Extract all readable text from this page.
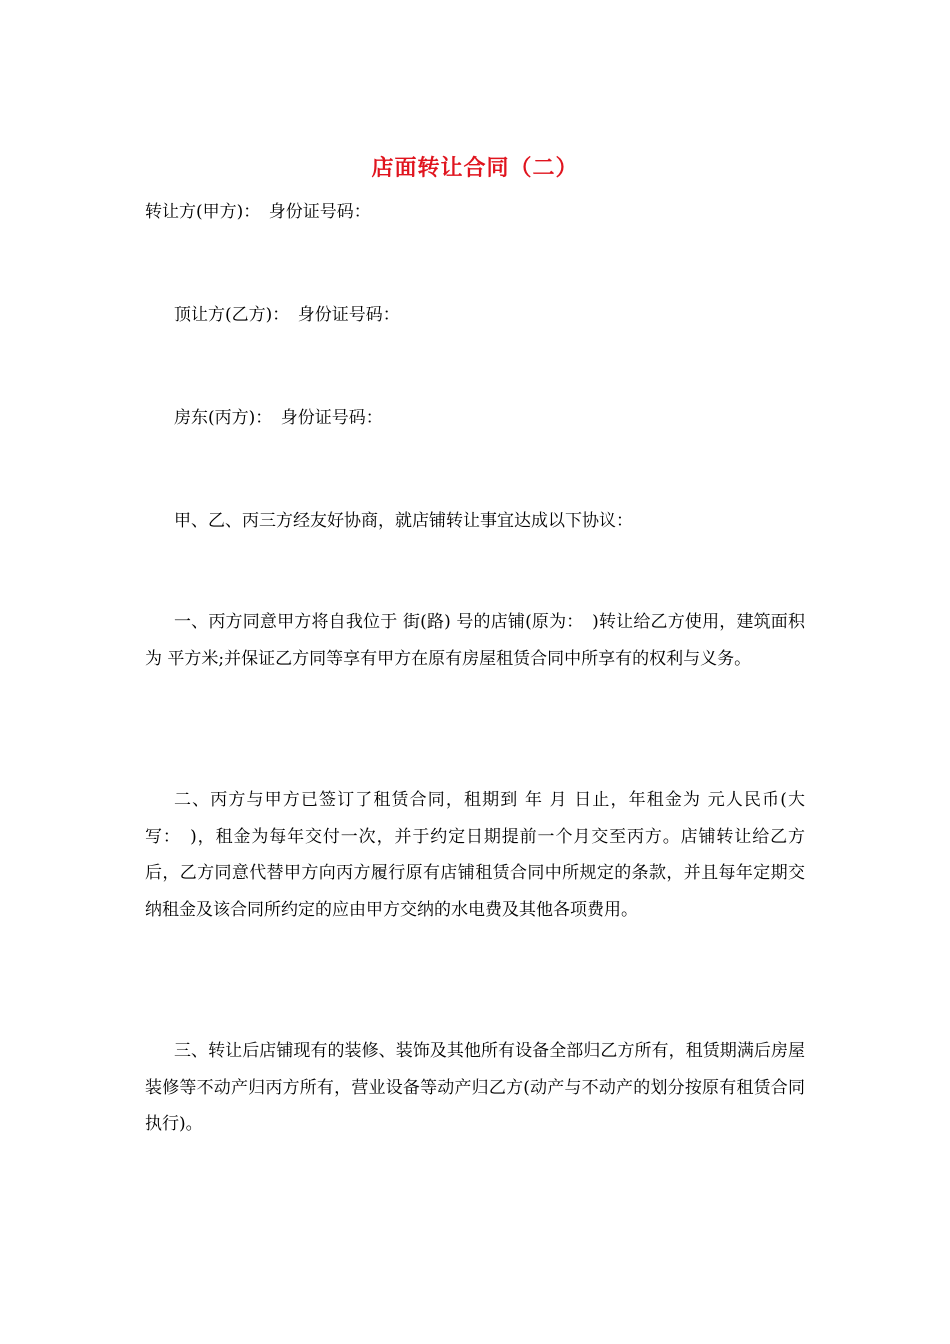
店面转让合同（二）
转让方(甲方)：　身份证号码：
顶让方(乙方)：　身份证号码：
房东(丙方)：　身份证号码：
甲、乙、丙三方经友好协商，就店铺转让事宜达成以下协议：
一、丙方同意甲方将自我位于 街(路) 号的店铺(原为：　)转让给乙方使用，建筑面积为 平方米;并保证乙方同等享有甲方在原有房屋租赁合同中所享有的权利与义务。
二、丙方与甲方已签订了租赁合同，租期到 年 月 日止，年租金为 元人民币(大写：　)，租金为每年交付一次，并于约定日期提前一个月交至丙方。店铺转让给乙方后，乙方同意代替甲方向丙方履行原有店铺租赁合同中所规定的条款，并且每年定期交纳租金及该合同所约定的应由甲方交纳的水电费及其他各项费用。
三、转让后店铺现有的装修、装饰及其他所有设备全部归乙方所有，租赁期满后房屋装修等不动产归丙方所有，营业设备等动产归乙方(动产与不动产的划分按原有租赁合同执行)。
